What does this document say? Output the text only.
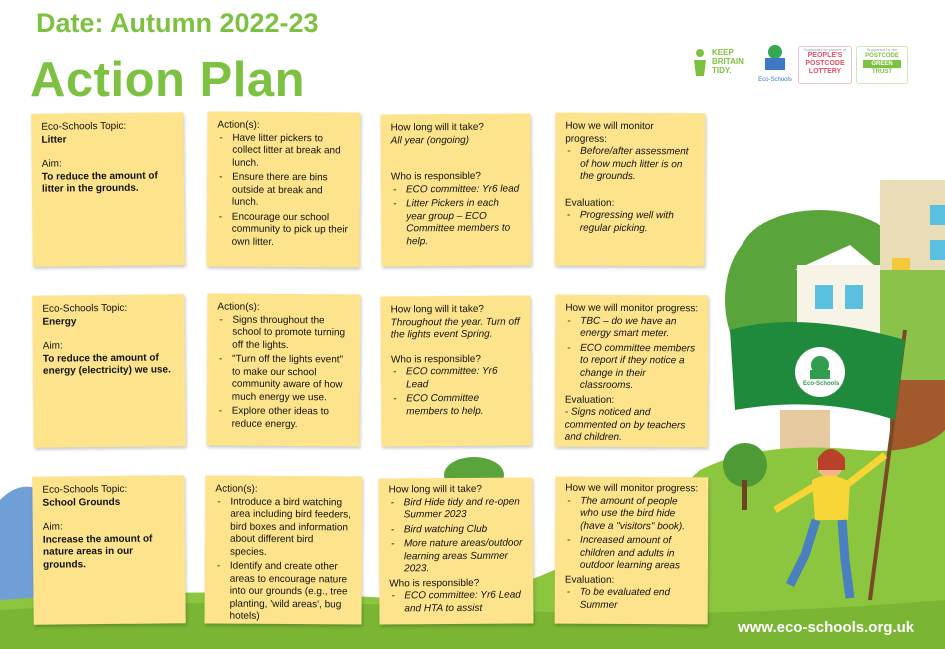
Date: Autumn 2022-23
Action Plan
KEEP
BRITAIN
TIDY.
Eco-Schools
Supported by players of
PEOPLE'S
POSTCODE
LOTTERY
Supported by the
POSTCODE
GREEN
TRUST
Eco-Schools Topic:
Litter
Aim:
To reduce the amount of litter in the grounds.
Action(s):
- Have litter pickers to collect litter at break and lunch.
- Ensure there are bins outside at break and lunch.
- Encourage our school community to pick up their own litter.
How long will it take?
All year (ongoing)
Who is responsible?
- ECO committee: Yr6 lead
- Litter Pickers in each year group – ECO Committee members to help.
How we will monitor progress:
- Before/after assessment of how much litter is on the grounds.
Evaluation:
- Progressing well with regular picking.
Eco-Schools Topic:
Energy
Aim:
To reduce the amount of energy (electricity) we use.
Action(s):
- Signs throughout the school to promote turning off the lights.
- "Turn off the lights event" to make our school community aware of how much energy we use.
- Explore other ideas to reduce energy.
How long will it take?
Throughout the year. Turn off the lights event Spring.
Who is responsible?
- ECO committee: Yr6 Lead
- ECO Committee members to help.
How we will monitor progress:
- TBC – do we have an energy smart meter.
- ECO committee members to report if they notice a change in their classrooms.
Evaluation:
- Signs noticed and commented on by teachers and children.
Eco-Schools Topic:
School Grounds
Aim:
Increase the amount of nature areas in our grounds.
Action(s):
- Introduce a bird watching area including bird feeders, bird boxes and information about different bird species.
- Identify and create other areas to encourage nature into our grounds (e.g., tree planting, 'wild areas', bug hotels)
How long will it take?
- Bird Hide tidy and re-open Summer 2023
- Bird watching Club
- More nature areas/outdoor learning areas Summer 2023.
Who is responsible?
- ECO committee: Yr6 Lead and HTA to assist
How we will monitor progress:
- The amount of people who use the bird hide (have a "visitors" book).
- Increased amount of children and adults in outdoor learning areas
Evaluation:
- To be evaluated end Summer
Eco-Schools
www.eco-schools.org.uk
